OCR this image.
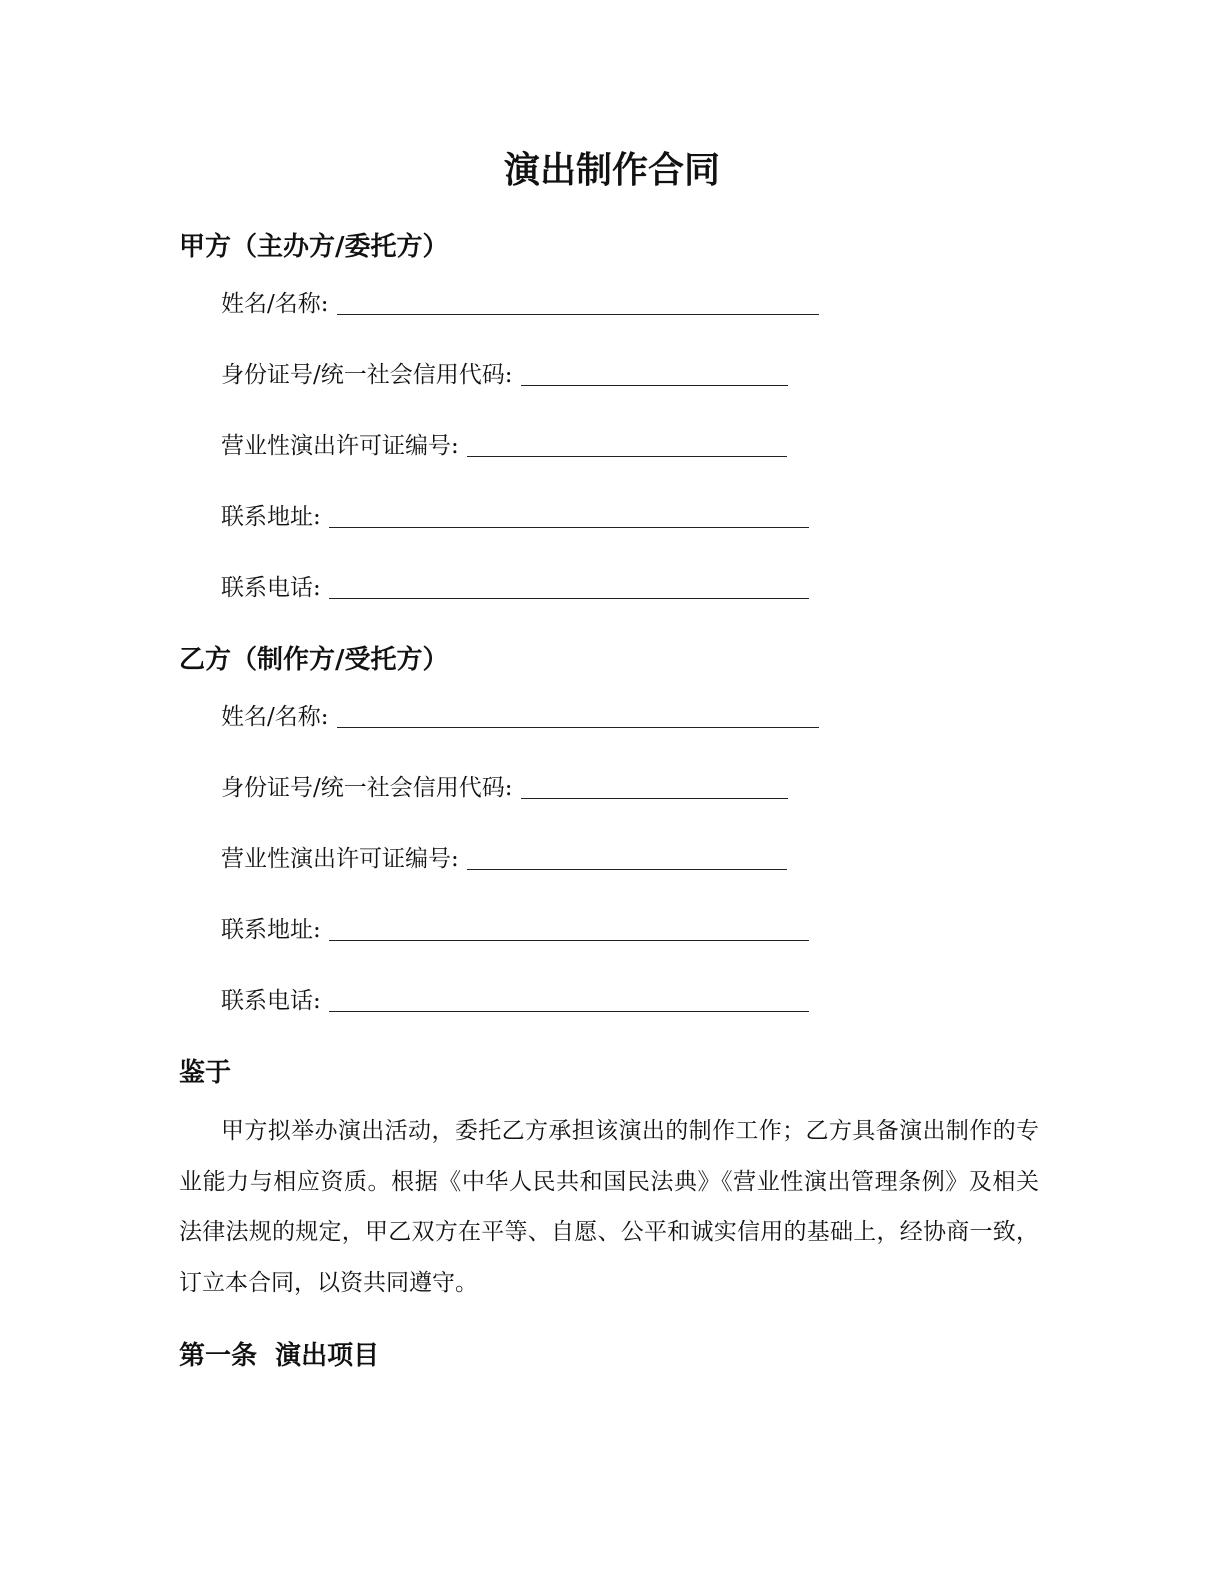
演出制作合同
甲方（主办方/委托方）
姓名/名称:
身份证号/统一社会信用代码:
营业性演出许可证编号:
联系地址:
联系电话:
乙方（制作方/受托方）
姓名/名称:
身份证号/统一社会信用代码:
营业性演出许可证编号:
联系地址:
联系电话:
鉴于

甲方拟举办演出活动，委托乙方承担该演出的制作工作；乙方具备演出制作的专业能力与相应资质。根据《中华人民共和国民法典》《营业性演出管理条例》及相关法律法规的规定，甲乙双方在平等、自愿、公平和诚实信用的基础上，经协商一致，订立本合同，以资共同遵守。

第一条  演出项目
